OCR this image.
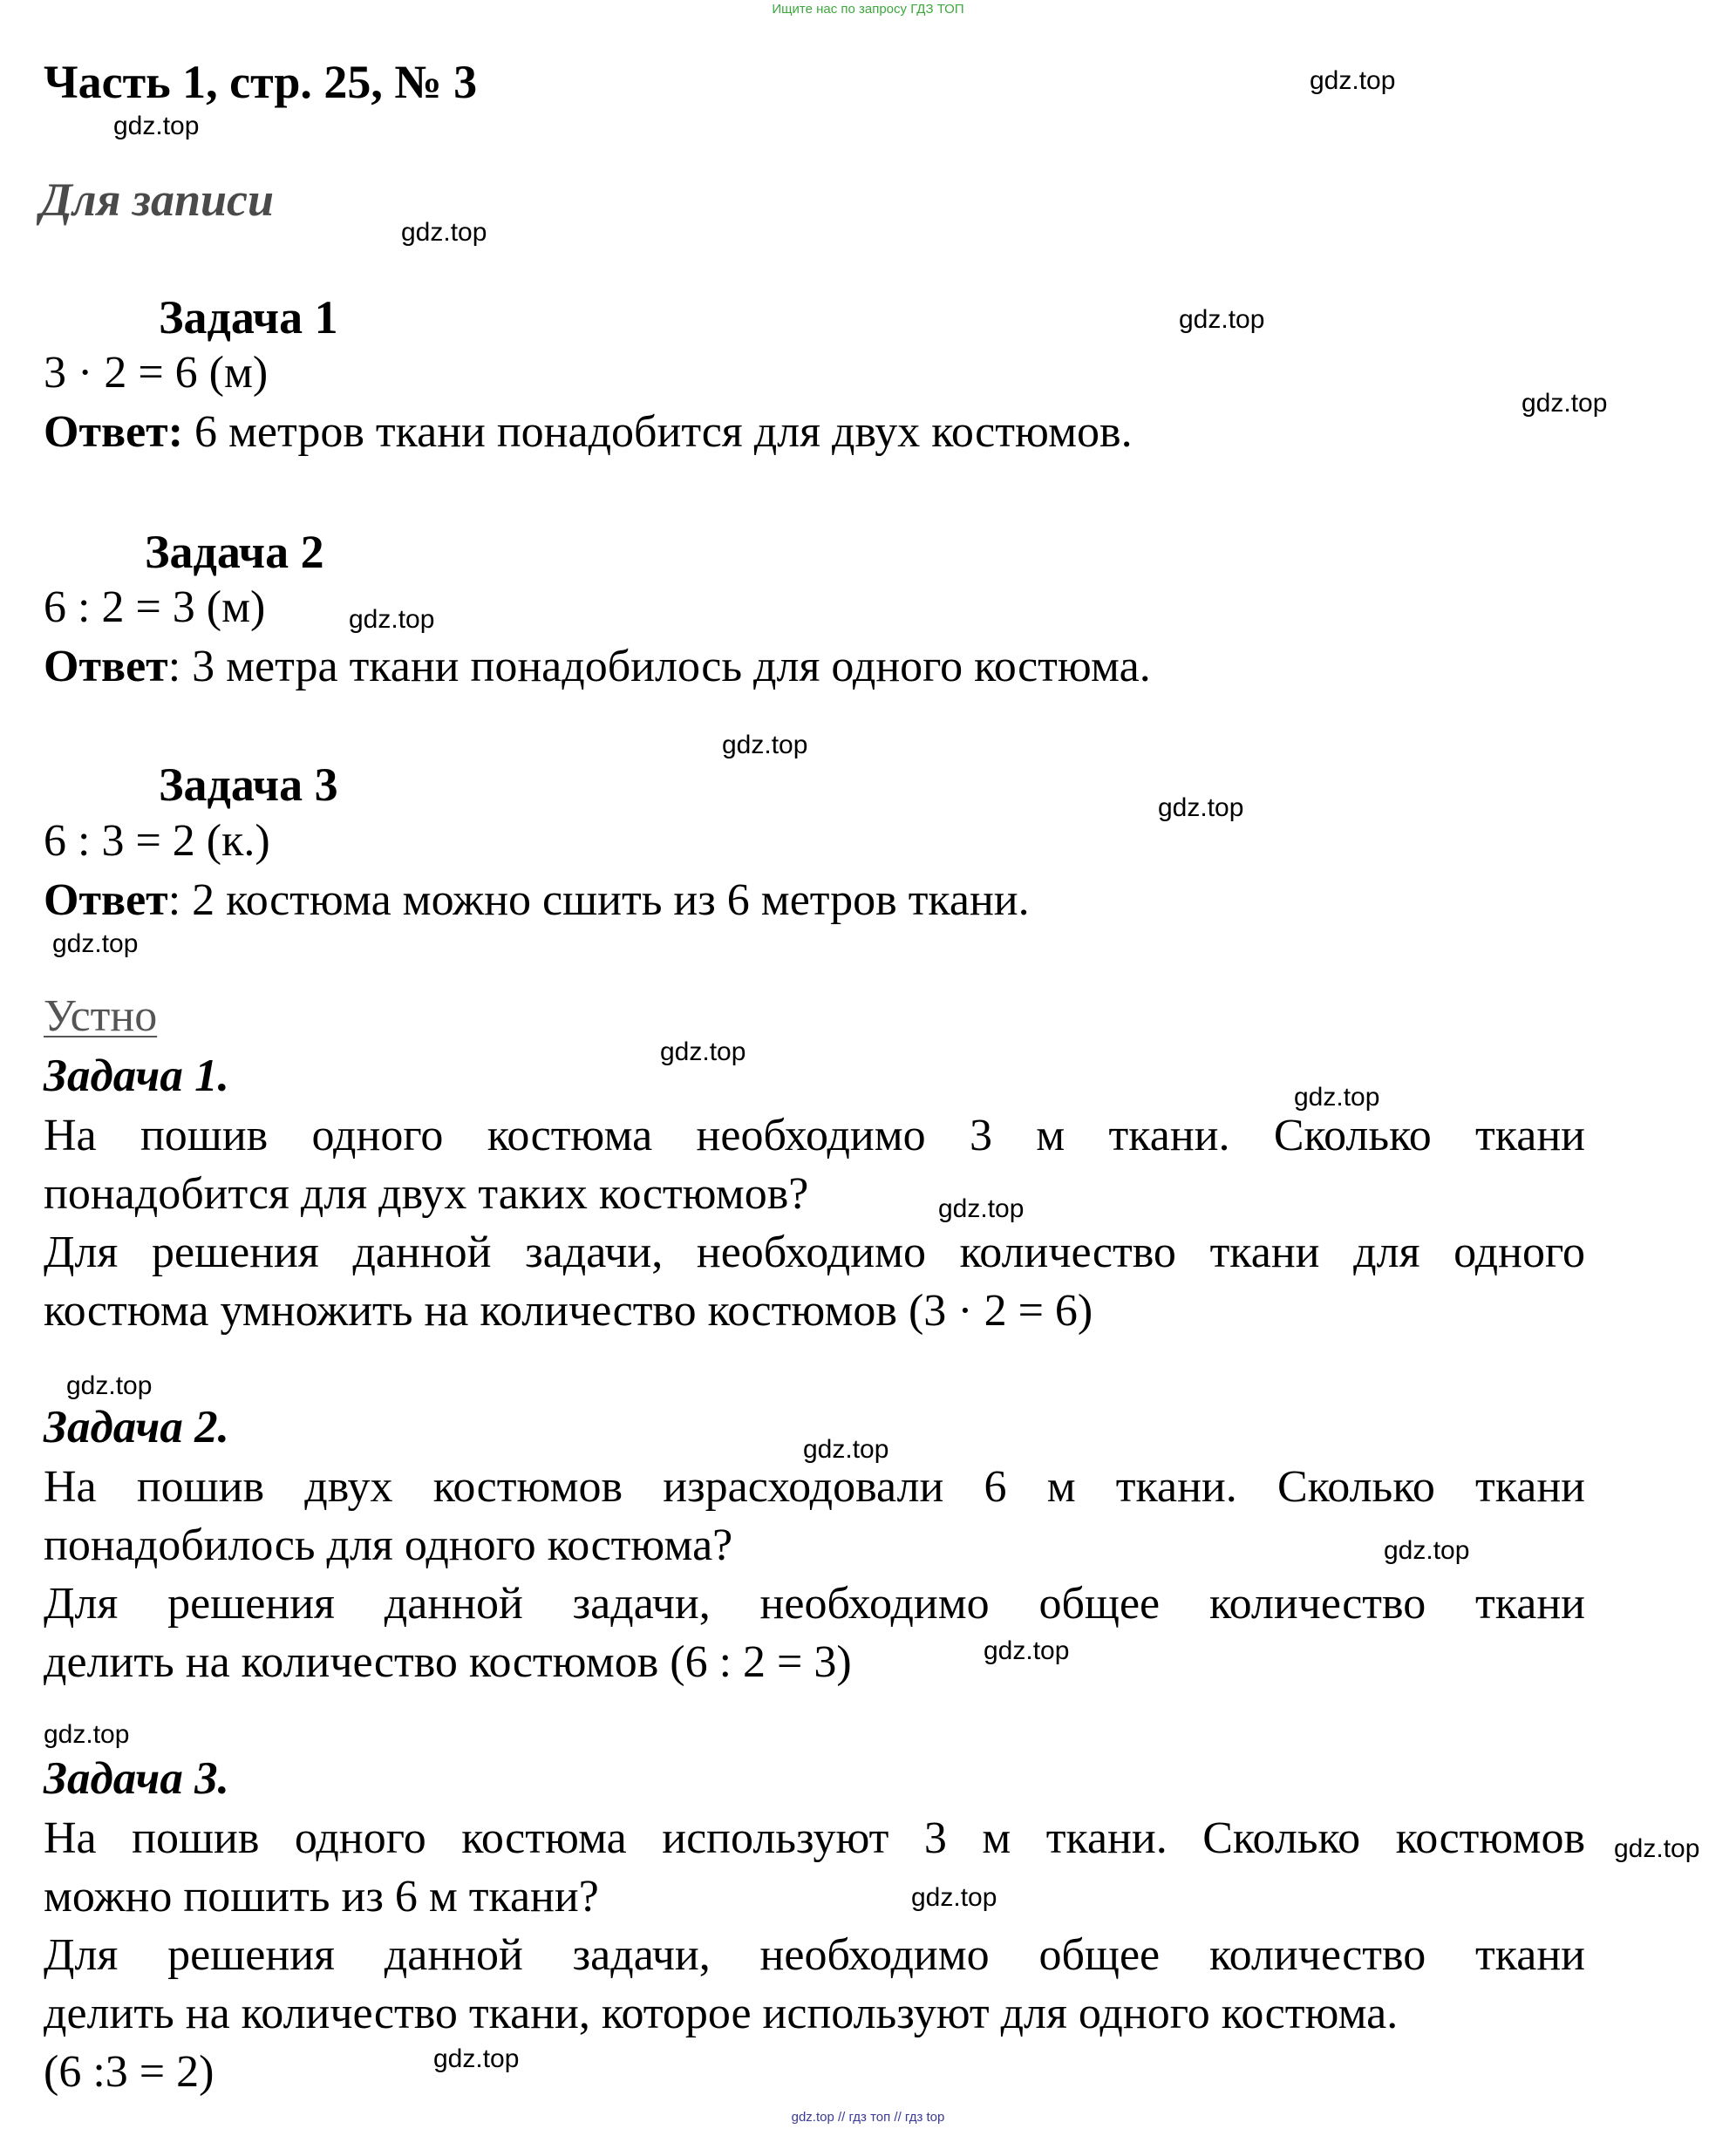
Ищите нас по запросу ГДЗ ТОП
gdz.top // гдз топ // гдз top
Часть 1, стр. 25, № 3
Для записи
Задача 1
3 · 2 = 6 (м)
Ответ: 6 метров ткани понадобится для двух костюмов.
Задача 2
6 : 2 = 3 (м)
Ответ: 3 метра ткани понадобилось для одного костюма.
Задача 3
6 : 3 = 2 (к.)
Ответ: 2 костюма можно сшить из 6 метров ткани.
Устно
Задача 1.
На пошив одного костюма необходимо 3 м ткани. Сколько ткани
понадобится для двух таких костюмов?
Для решения данной задачи, необходимо количество ткани для одного
костюма умножить на количество костюмов (3 · 2 = 6)
Задача 2.
На пошив двух костюмов израсходовали 6 м ткани. Сколько ткани
понадобилось для одного костюма?
Для решения данной задачи, необходимо общее количество ткани
делить на количество костюмов (6 : 2 = 3)
Задача 3.
На пошив одного костюма используют 3 м ткани. Сколько костюмов
можно пошить из 6 м ткани?
Для решения данной задачи, необходимо общее количество ткани
делить на количество ткани, которое используют для одного костюма.
(6 :3 = 2)
gdz.top
gdz.top
gdz.top
gdz.top
gdz.top
gdz.top
gdz.top
gdz.top
gdz.top
gdz.top
gdz.top
gdz.top
gdz.top
gdz.top
gdz.top
gdz.top
gdz.top
gdz.top
gdz.top
gdz.top
